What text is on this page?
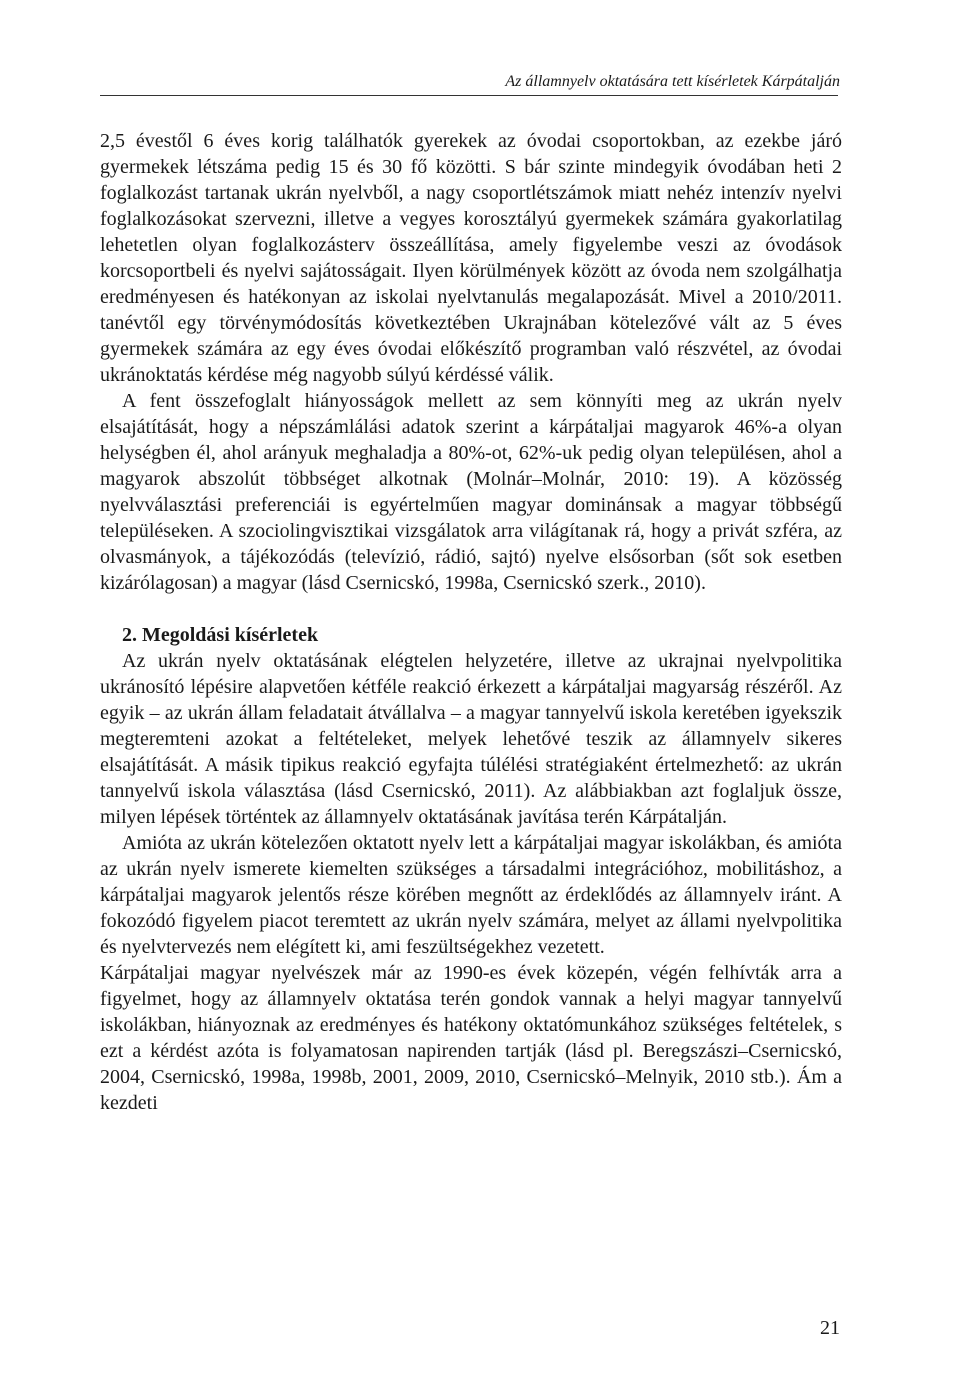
Az államnyelv oktatására tett kísérletek Kárpátalján

2,5 évestől 6 éves korig találhatók gyerekek az óvodai csoportokban, az ezekbe járó gyermekek létszáma pedig 15 és 30 fő közötti. S bár szinte mindegyik óvodában heti 2 foglalkozást tartanak ukrán nyelvből, a nagy csoportlétszámok miatt nehéz intenzív nyelvi foglalkozásokat szervezni, illetve a vegyes korosztályú gyermekek számára gyakorlatilag lehetetlen olyan foglalkozásterv összeállítása, amely figyelembe veszi az óvodások korcsoportbeli és nyelvi sajátosságait. Ilyen körülmények között az óvoda nem szolgálhatja eredményesen és hatékonyan az iskolai nyelvtanulás megalapozását. Mivel a 2010/2011. tanévtől egy törvénymódosítás következtében Ukrajnában kötelezővé vált az 5 éves gyermekek számára az egy éves óvodai előkészítő programban való részvétel, az óvodai ukránoktatás kérdése még nagyobb súlyú kérdéssé válik.

A fent összefoglalt hiányosságok mellett az sem könnyíti meg az ukrán nyelv elsajátítását, hogy a népszámlálási adatok szerint a kárpátaljai magyarok 46%-a olyan helységben él, ahol arányuk meghaladja a 80%-ot, 62%-uk pedig olyan településen, ahol a magyarok abszolút többséget alkotnak (Molnár–Molnár, 2010: 19). A közösség nyelvválasztási preferenciái is egyértelműen magyar dominánsak a magyar többségű településeken. A szociolingvisztikai vizsgálatok arra világítanak rá, hogy a privát szféra, az olvasmányok, a tájékozódás (televízió, rádió, sajtó) nyelve elsősorban (sőt sok esetben kizárólagosan) a magyar (lásd Csernicskó, 1998a, Csernicskó szerk., 2010).

2. Megoldási kísérletek

Az ukrán nyelv oktatásának elégtelen helyzetére, illetve az ukrajnai nyelvpolitika ukránosító lépésire alapvetően kétféle reakció érkezett a kárpátaljai magyarság részéről. Az egyik – az ukrán állam feladatait átvállalva – a magyar tannyelvű iskola keretében igyekszik megteremteni azokat a feltételeket, melyek lehetővé teszik az államnyelv sikeres elsajátítását. A másik tipikus reakció egyfajta túlélési stratégiaként értelmezhető: az ukrán tannyelvű iskola választása (lásd Csernicskó, 2011). Az alábbiakban azt foglaljuk össze, milyen lépések történtek az államnyelv oktatásának javítása terén Kárpátalján.

Amióta az ukrán kötelezően oktatott nyelv lett a kárpátaljai magyar iskolákban, és amióta az ukrán nyelv ismerete kiemelten szükséges a társadalmi integrációhoz, mobilitáshoz, a kárpátaljai magyarok jelentős része körében megnőtt az érdeklődés az államnyelv iránt. A fokozódó figyelem piacot teremtett az ukrán nyelv számára, melyet az állami nyelvpolitika és nyelvtervezés nem elégített ki, ami feszültségekhez vezetett.

Kárpátaljai magyar nyelvészek már az 1990-es évek közepén, végén felhívták arra a figyelmet, hogy az államnyelv oktatása terén gondok vannak a helyi magyar tannyelvű iskolákban, hiányoznak az eredményes és hatékony oktatómunkához szükséges feltételek, s ezt a kérdést azóta is folyamatosan napirenden tartják (lásd pl. Beregszászi–Csernicskó, 2004, Csernicskó, 1998a, 1998b, 2001, 2009, 2010, Csernicskó–Melnyik, 2010 stb.). Ám a kezdeti

21
